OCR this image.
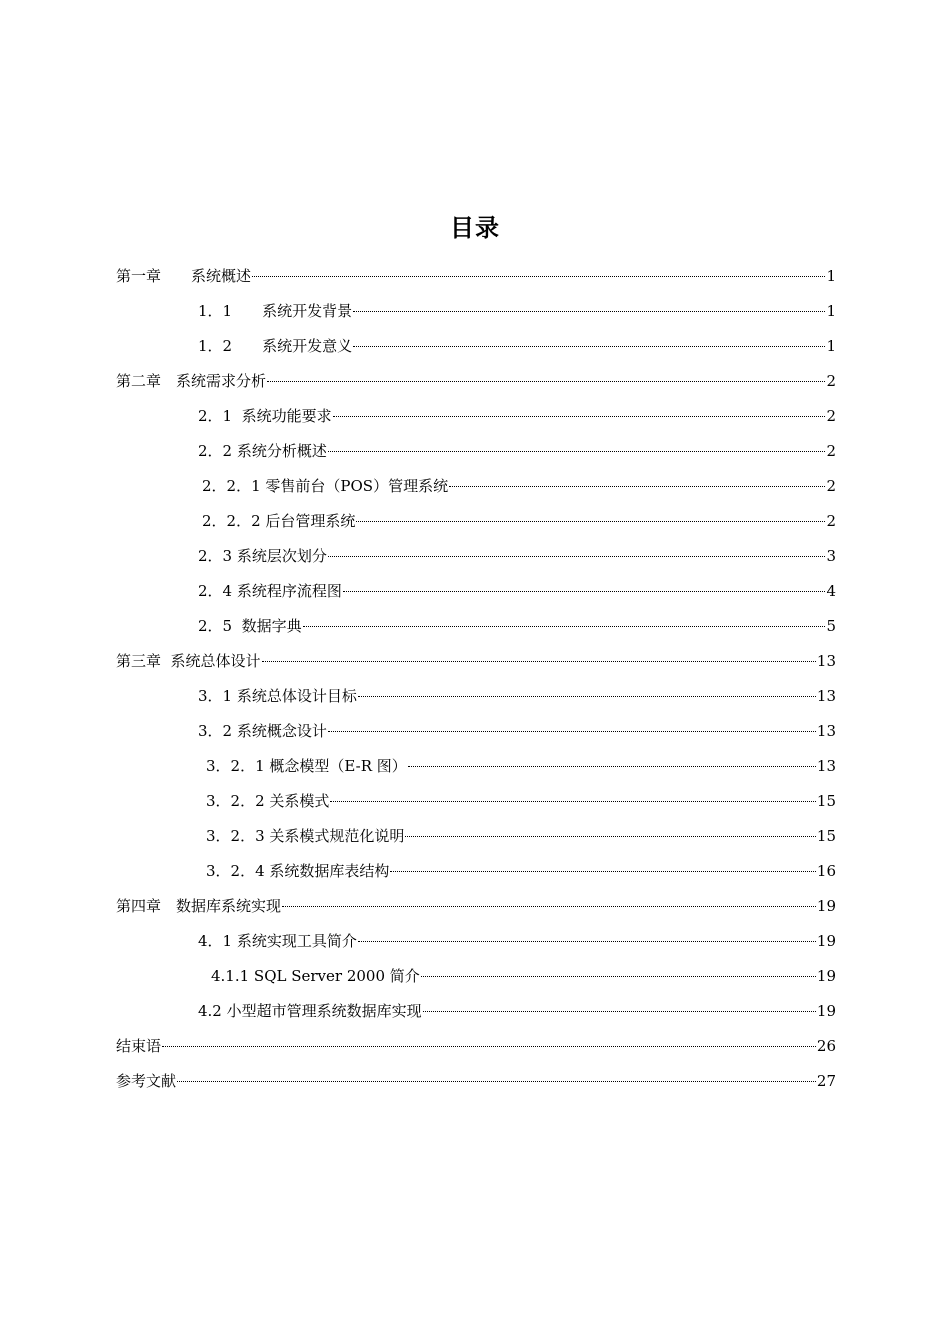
目录
第一章　　系统概述	1
1．1　　系统开发背景	1
1．2　　系统开发意义	1
第二章　系统需求分析	2
2．1  系统功能要求	2
2．2 系统分析概述	2
2．2．1 零售前台（POS）管理系统	2
2．2．2 后台管理系统	2
2．3 系统层次划分	3
2．4 系统程序流程图	4
2．5  数据字典	5
第三章  系统总体设计	13
3．1 系统总体设计目标	13
3．2 系统概念设计	13
3．2．1 概念模型（E-R 图）	13
3．2．2 关系模式	15
3．2．3 关系模式规范化说明	15
3．2．4 系统数据库表结构	16
第四章　数据库系统实现	19
4．1 系统实现工具简介	19
4.1.1 SQL Server 2000 简介	19
4.2 小型超市管理系统数据库实现	19
结束语	26
参考文献	27
